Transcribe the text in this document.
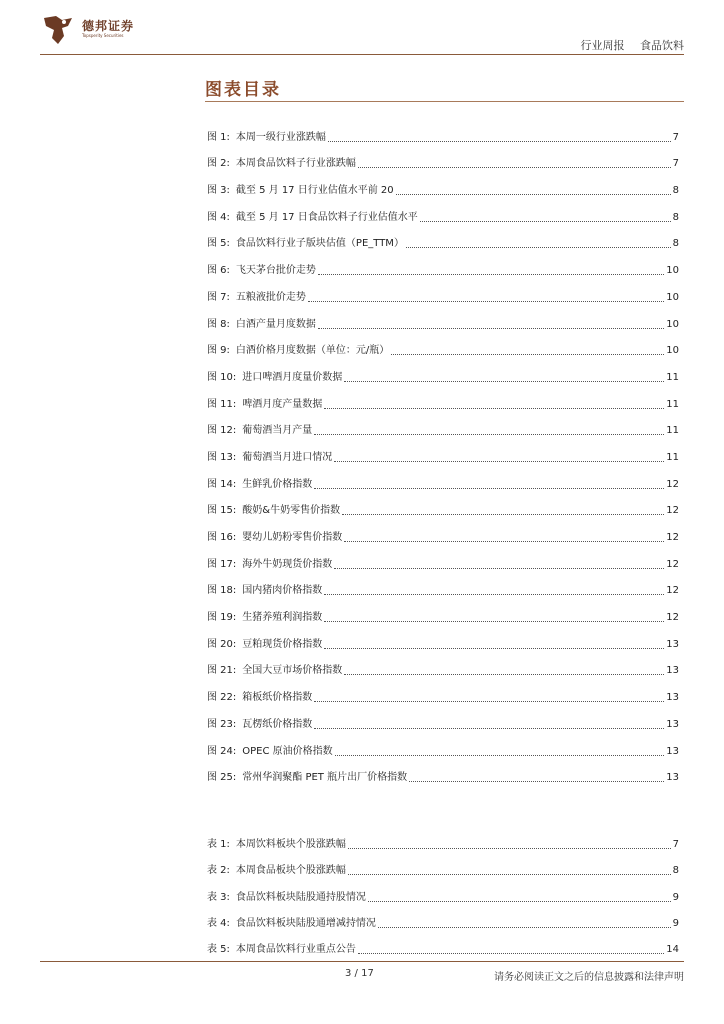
德邦证券
Topsperity Securities
行业周报 食品饮料
图表目录
图 1: 本周一级行业涨跌幅	7
图 2: 本周食品饮料子行业涨跌幅	7
图 3: 截至 5 月 17 日行业估值水平前 20	8
图 4: 截至 5 月 17 日食品饮料子行业估值水平	8
图 5: 食品饮料行业子版块估值（PE_TTM）	8
图 6: 飞天茅台批价走势	10
图 7: 五粮液批价走势	10
图 8: 白酒产量月度数据	10
图 9: 白酒价格月度数据（单位：元/瓶）	10
图 10: 进口啤酒月度量价数据	11
图 11: 啤酒月度产量数据	11
图 12: 葡萄酒当月产量	11
图 13: 葡萄酒当月进口情况	11
图 14: 生鲜乳价格指数	12
图 15: 酸奶&牛奶零售价指数	12
图 16: 婴幼儿奶粉零售价指数	12
图 17: 海外牛奶现货价指数	12
图 18: 国内猪肉价格指数	12
图 19: 生猪养殖利润指数	12
图 20: 豆粕现货价格指数	13
图 21: 全国大豆市场价格指数	13
图 22: 箱板纸价格指数	13
图 23: 瓦楞纸价格指数	13
图 24: OPEC 原油价格指数	13
图 25: 常州华润聚酯 PET 瓶片出厂价格指数	13
表 1: 本周饮料板块个股涨跌幅	7
表 2: 本周食品板块个股涨跌幅	8
表 3: 食品饮料板块陆股通持股情况	9
表 4: 食品饮料板块陆股通增减持情况	9
表 5: 本周食品饮料行业重点公告	14
3 / 17	请务必阅读正文之后的信息披露和法律声明
